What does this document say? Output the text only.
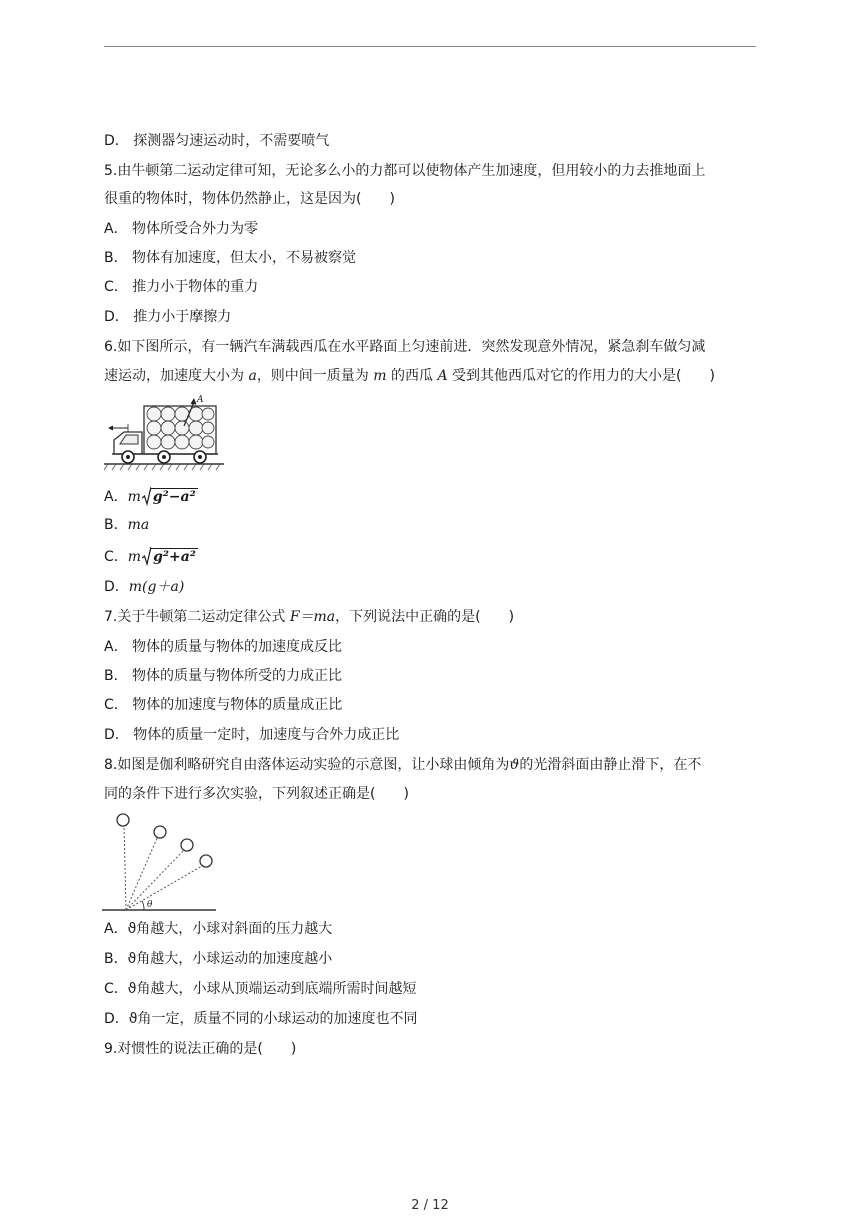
D． 探测器匀速运动时，不需要喷气
5.由牛顿第二运动定律可知，无论多么小的力都可以使物体产生加速度，但用较小的力去推地面上
很重的物体时，物体仍然静止，这是因为(　　)
A． 物体所受合外力为零
B． 物体有加速度，但太小，不易被察觉
C． 推力小于物体的重力
D． 推力小于摩擦力
6.如下图所示，有一辆汽车满载西瓜在水平路面上匀速前进．突然发现意外情况，紧急刹车做匀减
速运动，加速度大小为 a，则中间一质量为 m 的西瓜 A 受到其他西瓜对它的作用力的大小是(　　)
A
A．m g²−a²
B．ma
C．m g²+a²
D．m(g＋a)
7.关于牛顿第二运动定律公式 F＝ma，下列说法中正确的是(　　)
A． 物体的质量与物体的加速度成反比
B． 物体的质量与物体所受的力成正比
C． 物体的加速度与物体的质量成正比
D． 物体的质量一定时，加速度与合外力成正比
8.如图是伽利略研究自由落体运动实验的示意图，让小球由倾角为ϑ的光滑斜面由静止滑下，在不
同的条件下进行多次实验，下列叙述正确是(　　)
θ
A．ϑ角越大，小球对斜面的压力越大
B．ϑ角越大，小球运动的加速度越小
C．ϑ角越大，小球从顶端运动到底端所需时间越短
D．ϑ角一定，质量不同的小球运动的加速度也不同
9.对惯性的说法正确的是(　　)
2 / 12
